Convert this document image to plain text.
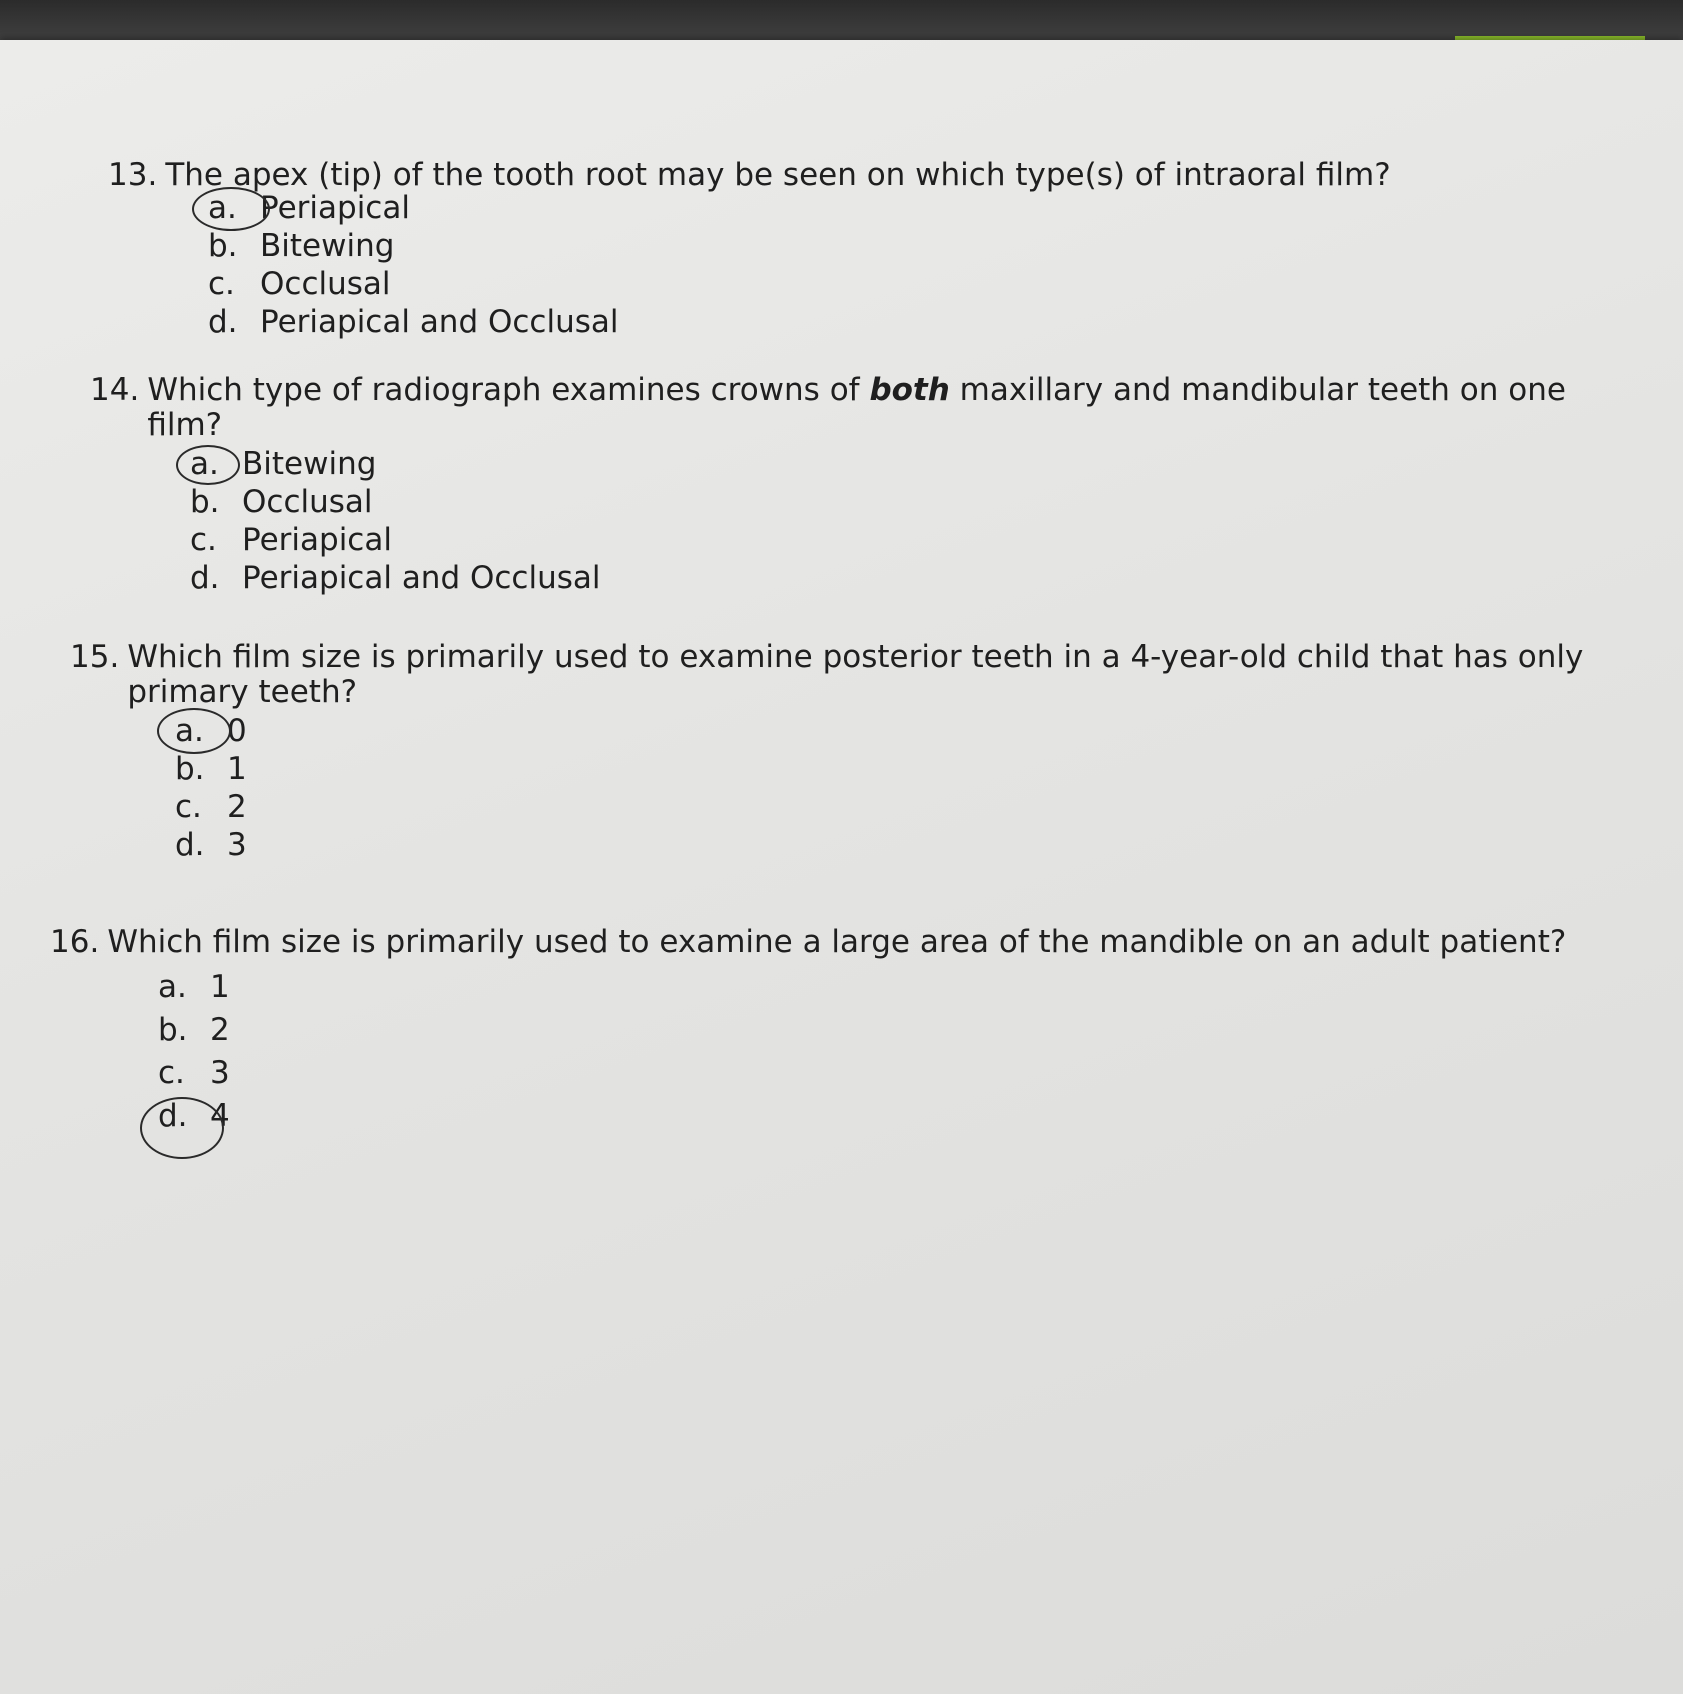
13. The apex (tip) of the tooth root may be seen on which type(s) of intraoral film?
a. Periapical
b. Bitewing
c. Occlusal
d. Periapical and Occlusal
14. Which type of radiograph examines crowns of both maxillary and mandibular teeth on one film?
a. Bitewing
b. Occlusal
c. Periapical
d. Periapical and Occlusal
15. Which film size is primarily used to examine posterior teeth in a 4-year-old child that has only primary teeth?
a. 0
b. 1
c. 2
d. 3
16. Which film size is primarily used to examine a large area of the mandible on an adult patient?
a. 1
b. 2
c. 3
d. 4
